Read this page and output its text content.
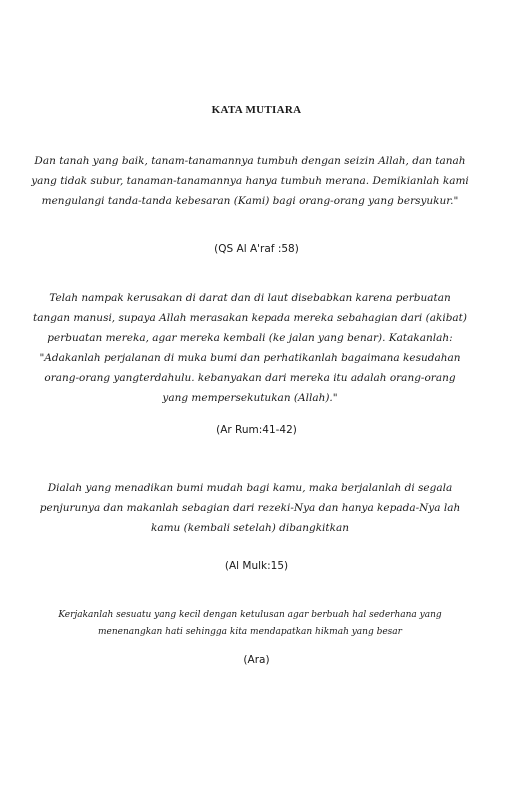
KATA MUTIARA

Dan tanah yang baik, tanam-tanamannya tumbuh dengan seizin Allah, dan tanah yang tidak subur, tanaman-tanamannya hanya tumbuh merana. Demikianlah kami mengulangi tanda-tanda kebesaran (Kami) bagi orang-orang yang bersyukur."

(QS Al A'raf :58)

Telah nampak kerusakan di darat dan di laut disebabkan karena perbuatan tangan manusi, supaya Allah merasakan kepada mereka sebahagian dari (akibat) perbuatan mereka, agar mereka kembali (ke jalan yang benar). Katakanlah: "Adakanlah perjalanan di muka bumi dan perhatikanlah bagaimana kesudahan orang-orang yangterdahulu. kebanyakan dari mereka itu adalah orang-orang yang mempersekutukan (Allah)."

(Ar Rum:41-42)

Dialah yang menadikan bumi mudah bagi kamu, maka berjalanlah di segala penjurunya dan makanlah sebagian dari rezeki-Nya dan hanya kepada-Nya lah kamu (kembali setelah) dibangkitkan

(Al Mulk:15)

Kerjakanlah sesuatu yang kecil dengan ketulusan agar berbuah hal sederhana yang menenangkan hati sehingga kita mendapatkan hikmah yang besar

(Ara)
